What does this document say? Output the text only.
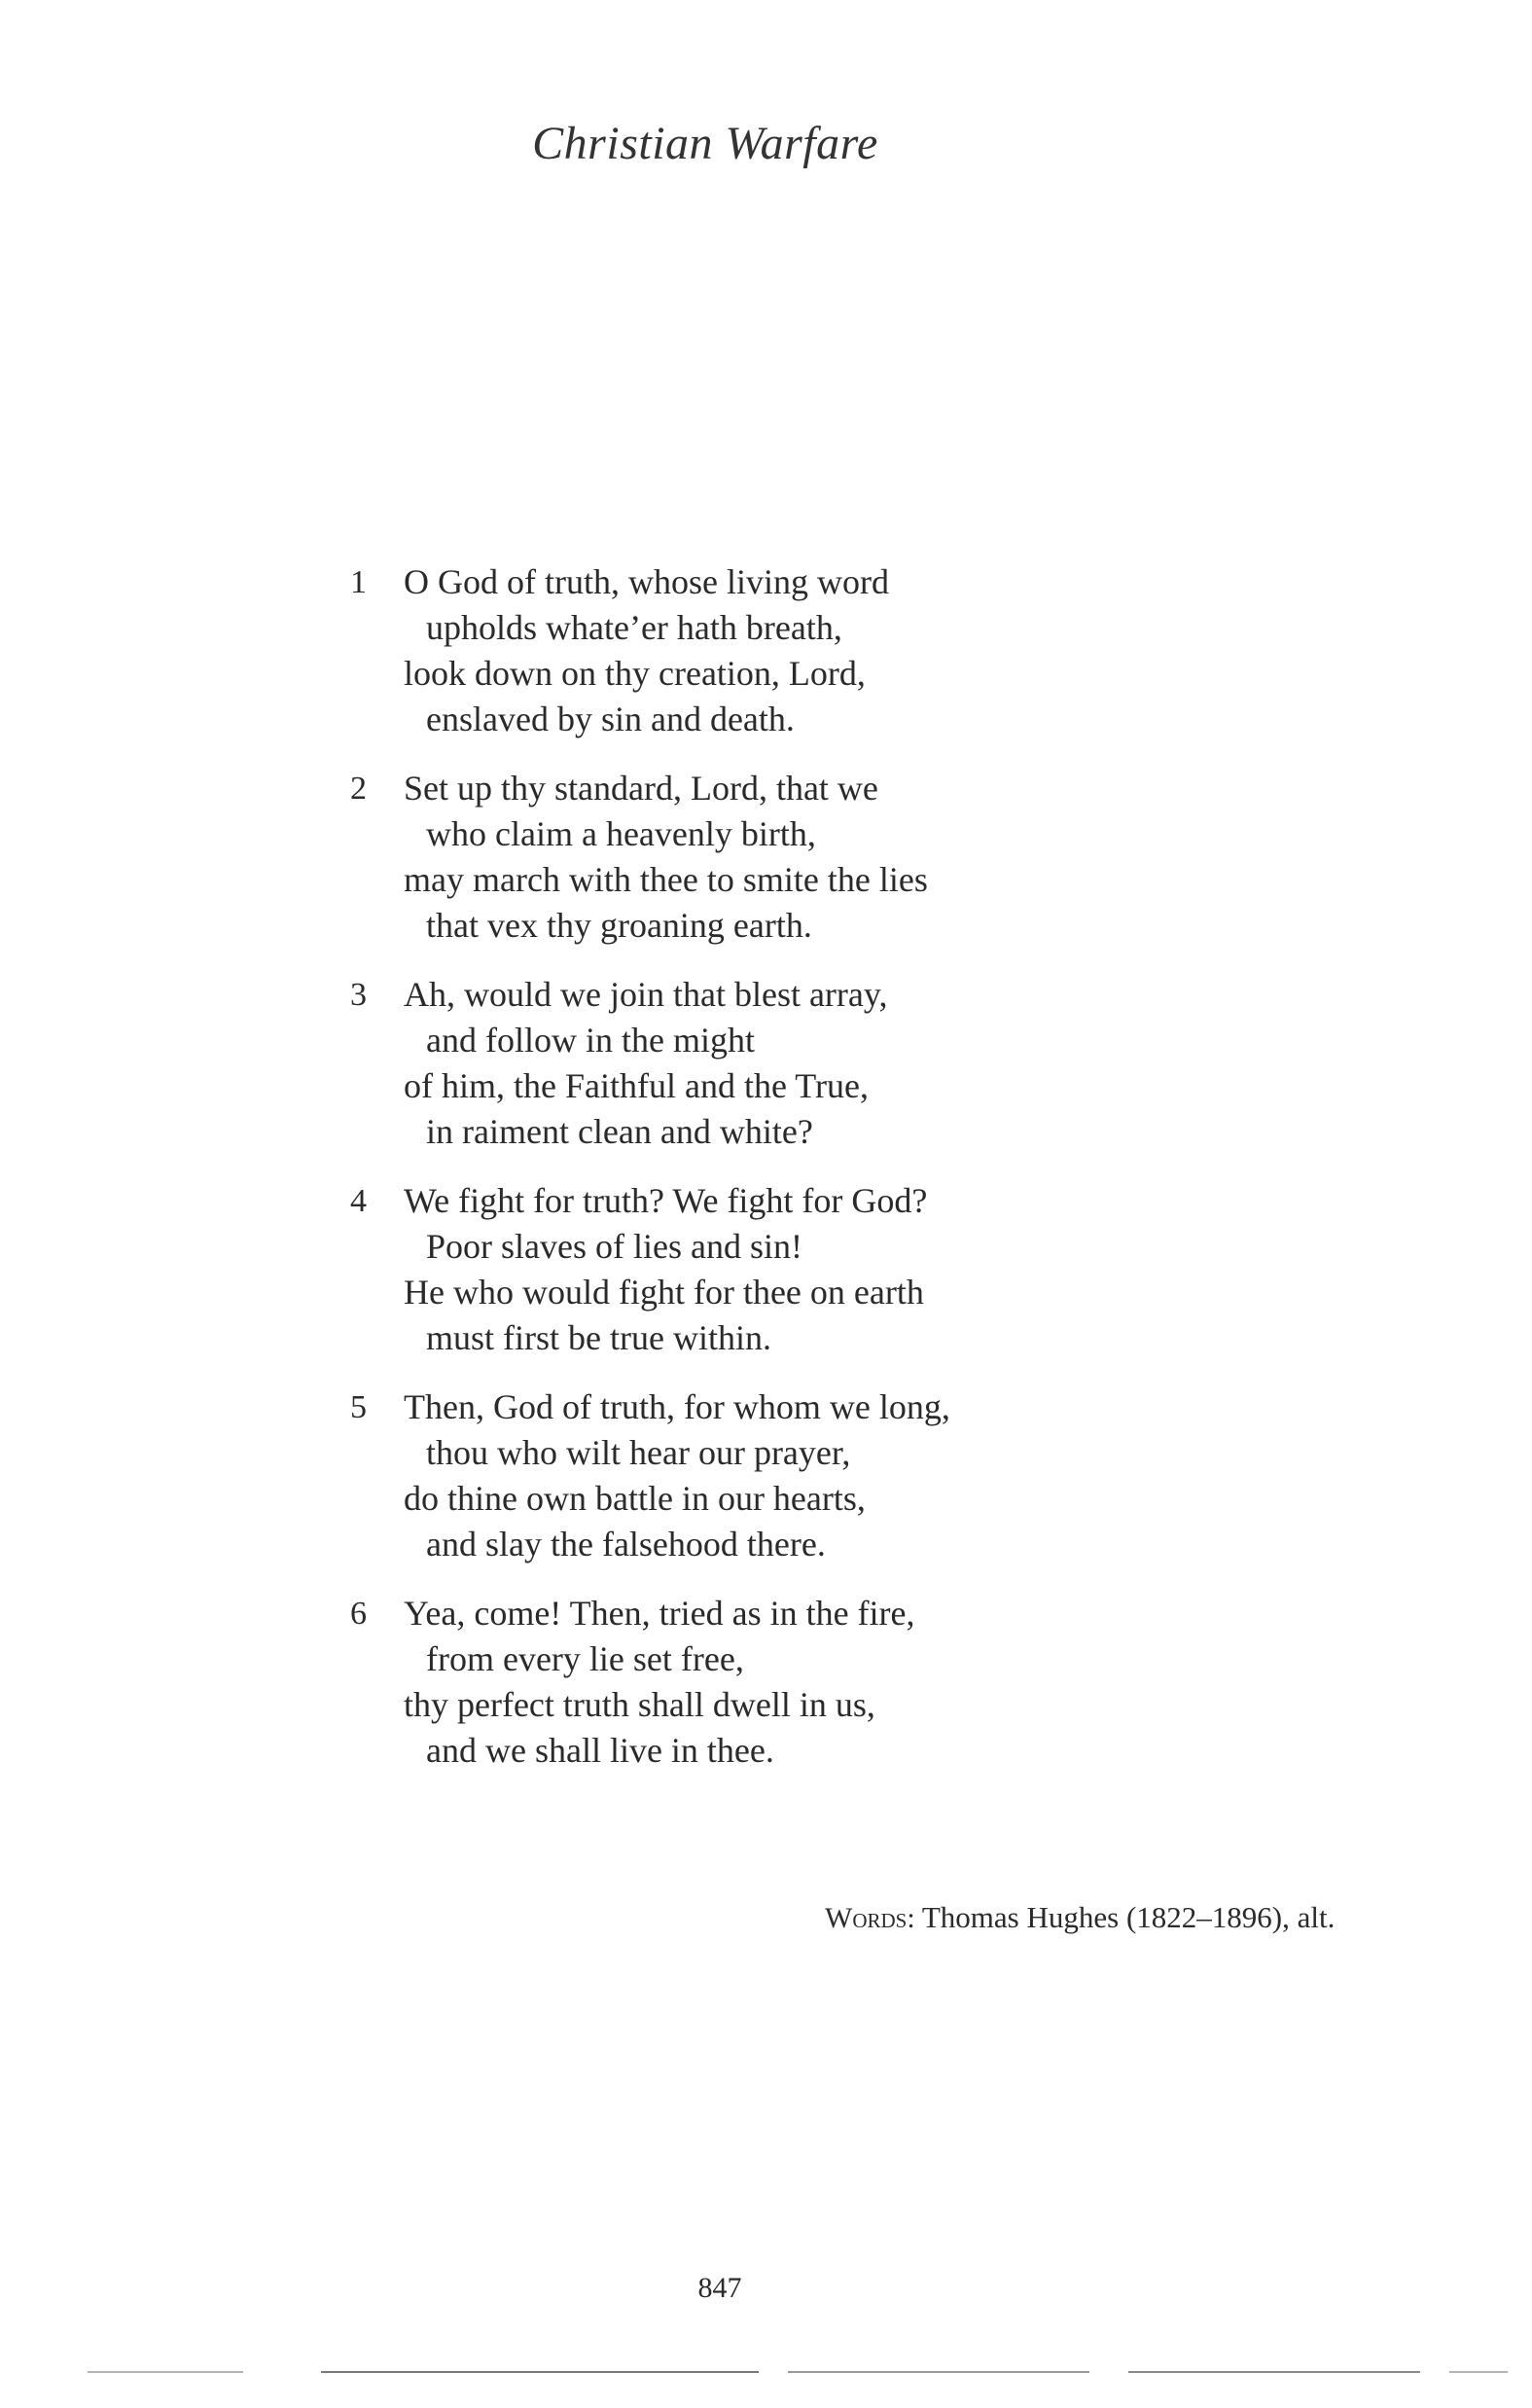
Christian Warfare
1	O God of truth, whose living word
upholds whate’er hath breath,
look down on thy creation, Lord,
enslaved by sin and death.
2	Set up thy standard, Lord, that we
who claim a heavenly birth,
may march with thee to smite the lies
that vex thy groaning earth.
3	Ah, would we join that blest array,
and follow in the might
of him, the Faithful and the True,
in raiment clean and white?
4	We fight for truth? We fight for God?
Poor slaves of lies and sin!
He who would fight for thee on earth
must first be true within.
5	Then, God of truth, for whom we long,
thou who wilt hear our prayer,
do thine own battle in our hearts,
and slay the falsehood there.
6	Yea, come! Then, tried as in the fire,
from every lie set free,
thy perfect truth shall dwell in us,
and we shall live in thee.
Words: Thomas Hughes (1822–1896), alt.
847
